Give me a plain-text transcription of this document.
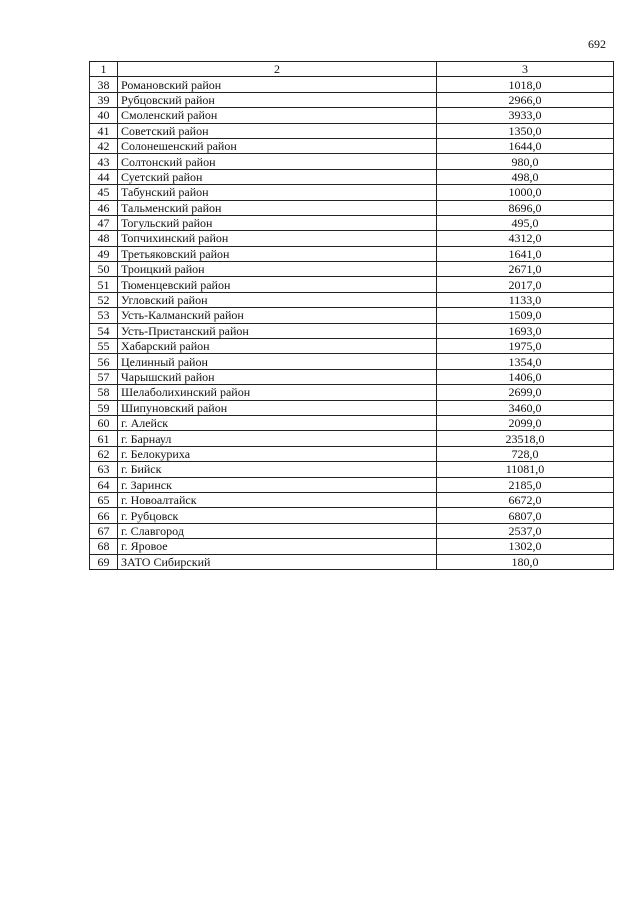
692
1	2	3
38	Романовский район	1018,0
39	Рубцовский район	2966,0
40	Смоленский район	3933,0
41	Советский район	1350,0
42	Солонешенский район	1644,0
43	Солтонский район	980,0
44	Суетский район	498,0
45	Табунский район	1000,0
46	Тальменский район	8696,0
47	Тогульский район	495,0
48	Топчихинский район	4312,0
49	Третьяковский район	1641,0
50	Троицкий район	2671,0
51	Тюменцевский район	2017,0
52	Угловский район	1133,0
53	Усть-Калманский район	1509,0
54	Усть-Пристанский район	1693,0
55	Хабарский район	1975,0
56	Целинный район	1354,0
57	Чарышский район	1406,0
58	Шелаболихинский район	2699,0
59	Шипуновский район	3460,0
60	г. Алейск	2099,0
61	г. Барнаул	23518,0
62	г. Белокуриха	728,0
63	г. Бийск	11081,0
64	г. Заринск	2185,0
65	г. Новоалтайск	6672,0
66	г. Рубцовск	6807,0
67	г. Славгород	2537,0
68	г. Яровое	1302,0
69	ЗАТО Сибирский	180,0
